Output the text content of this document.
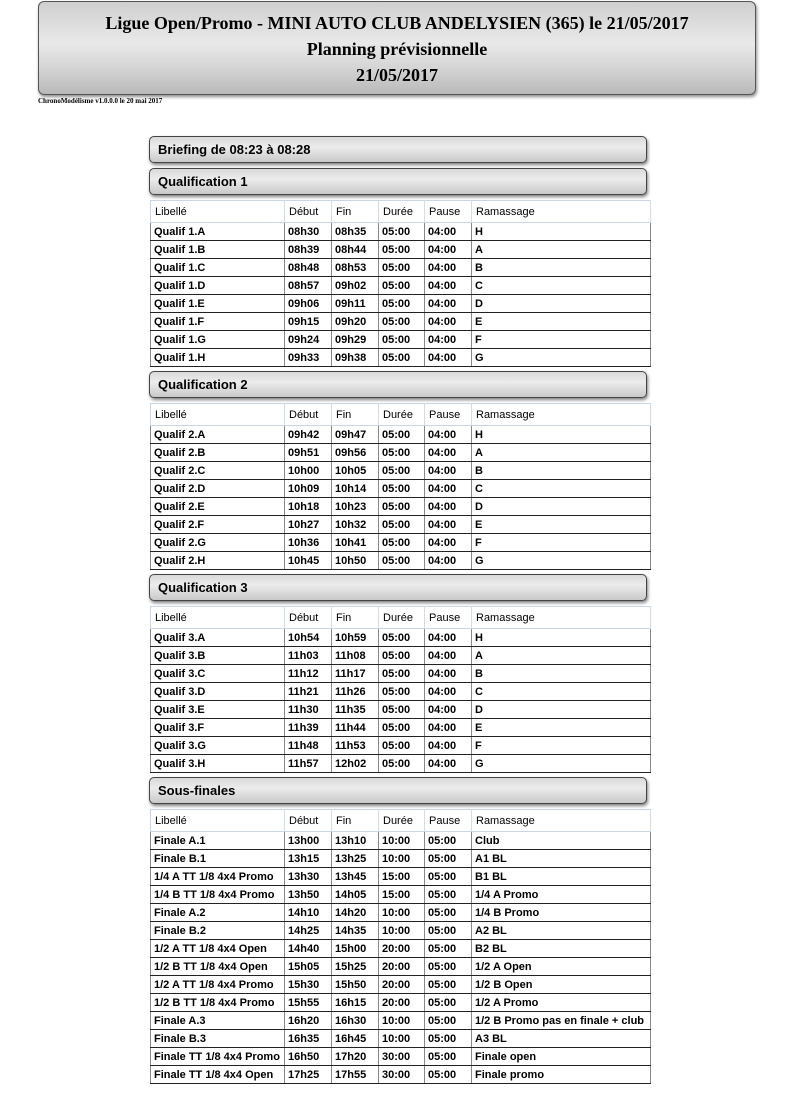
Ligue Open/Promo - MINI AUTO CLUB ANDELYSIEN (365) le 21/05/2017
Planning prévisionnelle
21/05/2017
ChronoModélisme v1.0.0.0 le 20 mai 2017
Briefing de 08:23 à 08:28
Qualification 1
Libellé	Début	Fin	Durée	Pause	Ramassage
Qualif 1.A	08h30	08h35	05:00	04:00	H
Qualif 1.B	08h39	08h44	05:00	04:00	A
Qualif 1.C	08h48	08h53	05:00	04:00	B
Qualif 1.D	08h57	09h02	05:00	04:00	C
Qualif 1.E	09h06	09h11	05:00	04:00	D
Qualif 1.F	09h15	09h20	05:00	04:00	E
Qualif 1.G	09h24	09h29	05:00	04:00	F
Qualif 1.H	09h33	09h38	05:00	04:00	G
Qualification 2
Libellé	Début	Fin	Durée	Pause	Ramassage
Qualif 2.A	09h42	09h47	05:00	04:00	H
Qualif 2.B	09h51	09h56	05:00	04:00	A
Qualif 2.C	10h00	10h05	05:00	04:00	B
Qualif 2.D	10h09	10h14	05:00	04:00	C
Qualif 2.E	10h18	10h23	05:00	04:00	D
Qualif 2.F	10h27	10h32	05:00	04:00	E
Qualif 2.G	10h36	10h41	05:00	04:00	F
Qualif 2.H	10h45	10h50	05:00	04:00	G
Qualification 3
Libellé	Début	Fin	Durée	Pause	Ramassage
Qualif 3.A	10h54	10h59	05:00	04:00	H
Qualif 3.B	11h03	11h08	05:00	04:00	A
Qualif 3.C	11h12	11h17	05:00	04:00	B
Qualif 3.D	11h21	11h26	05:00	04:00	C
Qualif 3.E	11h30	11h35	05:00	04:00	D
Qualif 3.F	11h39	11h44	05:00	04:00	E
Qualif 3.G	11h48	11h53	05:00	04:00	F
Qualif 3.H	11h57	12h02	05:00	04:00	G
Sous-finales
Libellé	Début	Fin	Durée	Pause	Ramassage
Finale A.1	13h00	13h10	10:00	05:00	Club
Finale B.1	13h15	13h25	10:00	05:00	A1 BL
1/4 A TT 1/8 4x4 Promo	13h30	13h45	15:00	05:00	B1 BL
1/4 B TT 1/8 4x4 Promo	13h50	14h05	15:00	05:00	1/4 A Promo
Finale A.2	14h10	14h20	10:00	05:00	1/4 B Promo
Finale B.2	14h25	14h35	10:00	05:00	A2 BL
1/2 A TT 1/8 4x4 Open	14h40	15h00	20:00	05:00	B2 BL
1/2 B TT 1/8 4x4 Open	15h05	15h25	20:00	05:00	1/2 A Open
1/2 A TT 1/8 4x4 Promo	15h30	15h50	20:00	05:00	1/2 B Open
1/2 B TT 1/8 4x4 Promo	15h55	16h15	20:00	05:00	1/2 A Promo
Finale A.3	16h20	16h30	10:00	05:00	1/2 B Promo pas en finale + club
Finale B.3	16h35	16h45	10:00	05:00	A3 BL
Finale TT 1/8 4x4 Promo	16h50	17h20	30:00	05:00	Finale open
Finale TT 1/8 4x4 Open	17h25	17h55	30:00	05:00	Finale promo
